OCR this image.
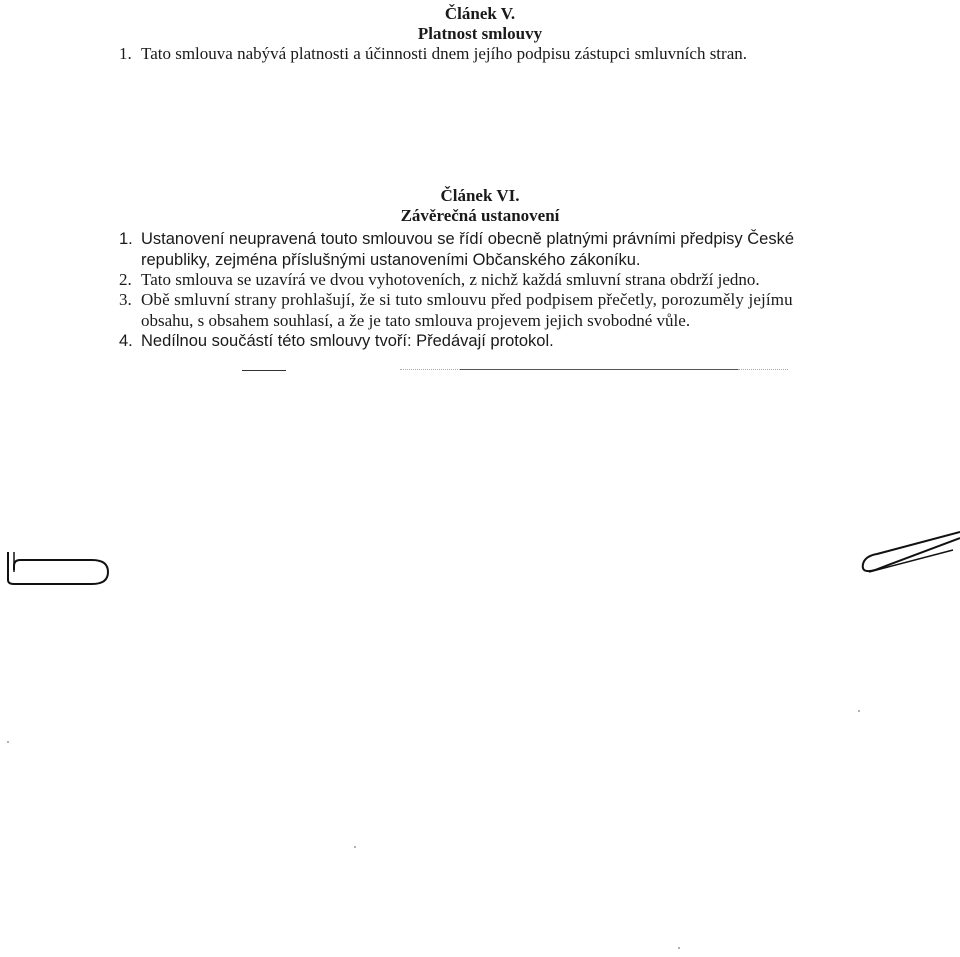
Článek V.
Platnost smlouvy
1. Tato smlouva nabývá platnosti a účinnosti dnem jejího podpisu zástupci smluvních stran.
Článek VI.
Závěrečná ustanovení
1. Ustanovení neupravená touto smlouvou se řídí obecně platnými právními předpisy České
republiky, zejména příslušnými ustanoveními Občanského zákoníku.
2. Tato smlouva se uzavírá ve dvou vyhotoveních, z nichž každá smluvní strana obdrží jedno.
3. Obě smluvní strany prohlašují, že si tuto smlouvu před podpisem přečetly, porozuměly jejímu
obsahu, s obsahem souhlasí, a že je tato smlouva projevem jejich svobodné vůle.
4. Nedílnou součástí této smlouvy tvoří: Předávají protokol.
